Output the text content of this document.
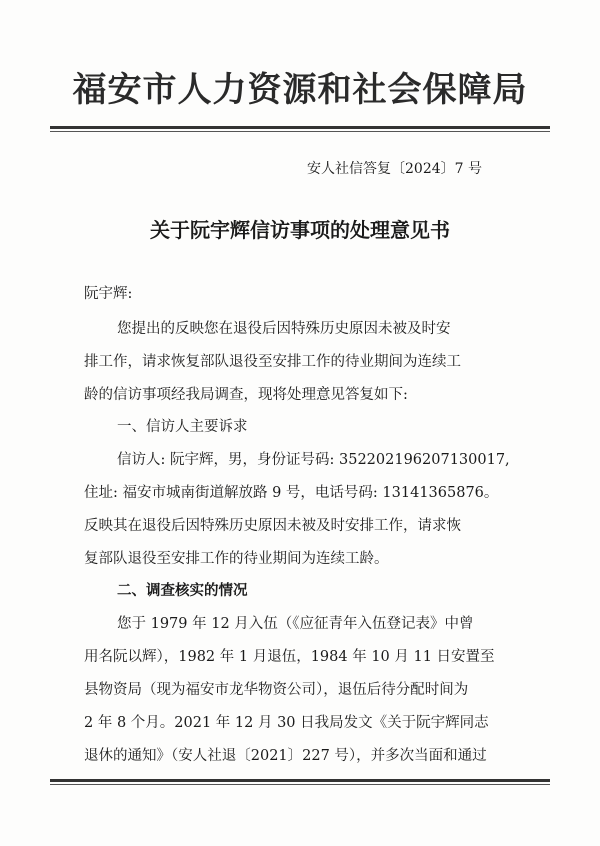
福安市人力资源和社会保障局
安人社信答复〔2024〕7 号
关于阮宇辉信访事项的处理意见书
阮宇辉:
您提出的反映您在退役后因特殊历史原因未被及时安
排工作，请求恢复部队退役至安排工作的待业期间为连续工
龄的信访事项经我局调查，现将处理意见答复如下:
一、信访人主要诉求
信访人: 阮宇辉，男，身份证号码: 352202196207130017,
住址: 福安市城南街道解放路 9 号，电话号码: 13141365876。
反映其在退役后因特殊历史原因未被及时安排工作，请求恢
复部队退役至安排工作的待业期间为连续工龄。
二、调查核实的情况
您于 1979 年 12 月入伍（《应征青年入伍登记表》中曾
用名阮以辉），1982 年 1 月退伍，1984 年 10 月 11 日安置至
县物资局（现为福安市龙华物资公司），退伍后待分配时间为
2 年 8 个月。2021 年 12 月 30 日我局发文《关于阮宇辉同志
退休的通知》（安人社退〔2021〕227 号），并多次当面和通过
